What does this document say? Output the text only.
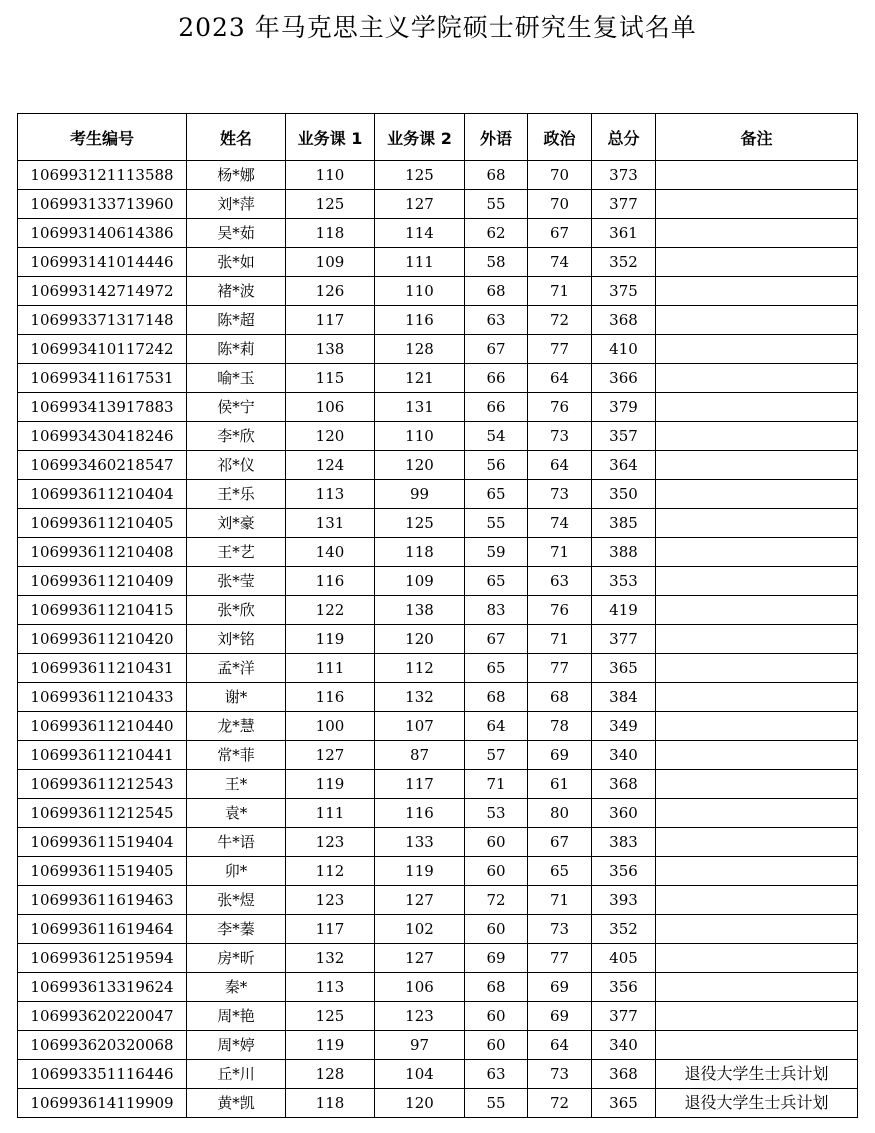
2023 年马克思主义学院硕士研究生复试名单
考生编号	姓名	业务课 1	业务课 2	外语	政治	总分	备注
106993121113588	杨*娜	110	125	68	70	373	
106993133713960	刘*萍	125	127	55	70	377	
106993140614386	吴*茹	118	114	62	67	361	
106993141014446	张*如	109	111	58	74	352	
106993142714972	褚*波	126	110	68	71	375	
106993371317148	陈*超	117	116	63	72	368	
106993410117242	陈*莉	138	128	67	77	410	
106993411617531	喻*玉	115	121	66	64	366	
106993413917883	侯*宁	106	131	66	76	379	
106993430418246	李*欣	120	110	54	73	357	
106993460218547	祁*仪	124	120	56	64	364	
106993611210404	王*乐	113	99	65	73	350	
106993611210405	刘*豪	131	125	55	74	385	
106993611210408	王*艺	140	118	59	71	388	
106993611210409	张*莹	116	109	65	63	353	
106993611210415	张*欣	122	138	83	76	419	
106993611210420	刘*铭	119	120	67	71	377	
106993611210431	孟*洋	111	112	65	77	365	
106993611210433	谢*	116	132	68	68	384	
106993611210440	龙*慧	100	107	64	78	349	
106993611210441	常*菲	127	87	57	69	340	
106993611212543	王*	119	117	71	61	368	
106993611212545	袁*	111	116	53	80	360	
106993611519404	牛*语	123	133	60	67	383	
106993611519405	卯*	112	119	60	65	356	
106993611619463	张*煜	123	127	72	71	393	
106993611619464	李*蓁	117	102	60	73	352	
106993612519594	房*昕	132	127	69	77	405	
106993613319624	秦*	113	106	68	69	356	
106993620220047	周*艳	125	123	60	69	377	
106993620320068	周*婷	119	97	60	64	340	
106993351116446	丘*川	128	104	63	73	368	退役大学生士兵计划
106993614119909	黄*凯	118	120	55	72	365	退役大学生士兵计划
